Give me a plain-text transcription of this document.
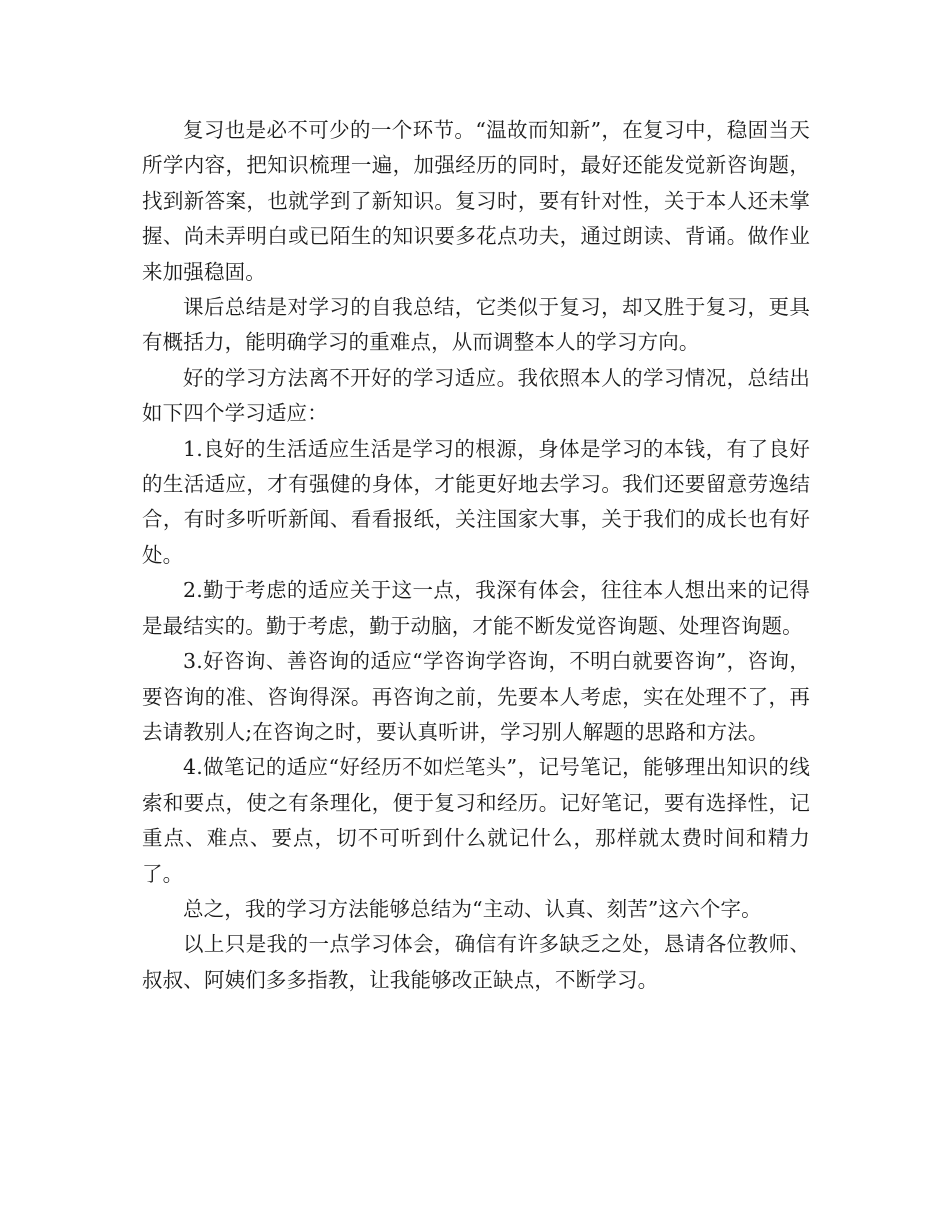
复习也是必不可少的一个环节。“温故而知新”，在复习中，稳固当天所学内容，把知识梳理一遍，加强经历的同时，最好还能发觉新咨询题，找到新答案，也就学到了新知识。复习时，要有针对性，关于本人还未掌握、尚未弄明白或已陌生的知识要多花点功夫，通过朗读、背诵。做作业来加强稳固。

课后总结是对学习的自我总结，它类似于复习，却又胜于复习，更具有概括力，能明确学习的重难点，从而调整本人的学习方向。

好的学习方法离不开好的学习适应。我依照本人的学习情况，总结出如下四个学习适应：

1.良好的生活适应生活是学习的根源，身体是学习的本钱，有了良好的生活适应，才有强健的身体，才能更好地去学习。我们还要留意劳逸结合，有时多听听新闻、看看报纸，关注国家大事，关于我们的成长也有好处。

2.勤于考虑的适应关于这一点，我深有体会，往往本人想出来的记得是最结实的。勤于考虑，勤于动脑，才能不断发觉咨询题、处理咨询题。

3.好咨询、善咨询的适应“学咨询学咨询，不明白就要咨询”，咨询，要咨询的准、咨询得深。再咨询之前，先要本人考虑，实在处理不了，再去请教别人;在咨询之时，要认真听讲，学习别人解题的思路和方法。

4.做笔记的适应“好经历不如烂笔头”，记号笔记，能够理出知识的线索和要点，使之有条理化，便于复习和经历。记好笔记，要有选择性，记重点、难点、要点，切不可听到什么就记什么，那样就太费时间和精力了。

总之，我的学习方法能够总结为“主动、认真、刻苦”这六个字。

以上只是我的一点学习体会，确信有许多缺乏之处，恳请各位教师、叔叔、阿姨们多多指教，让我能够改正缺点，不断学习。
